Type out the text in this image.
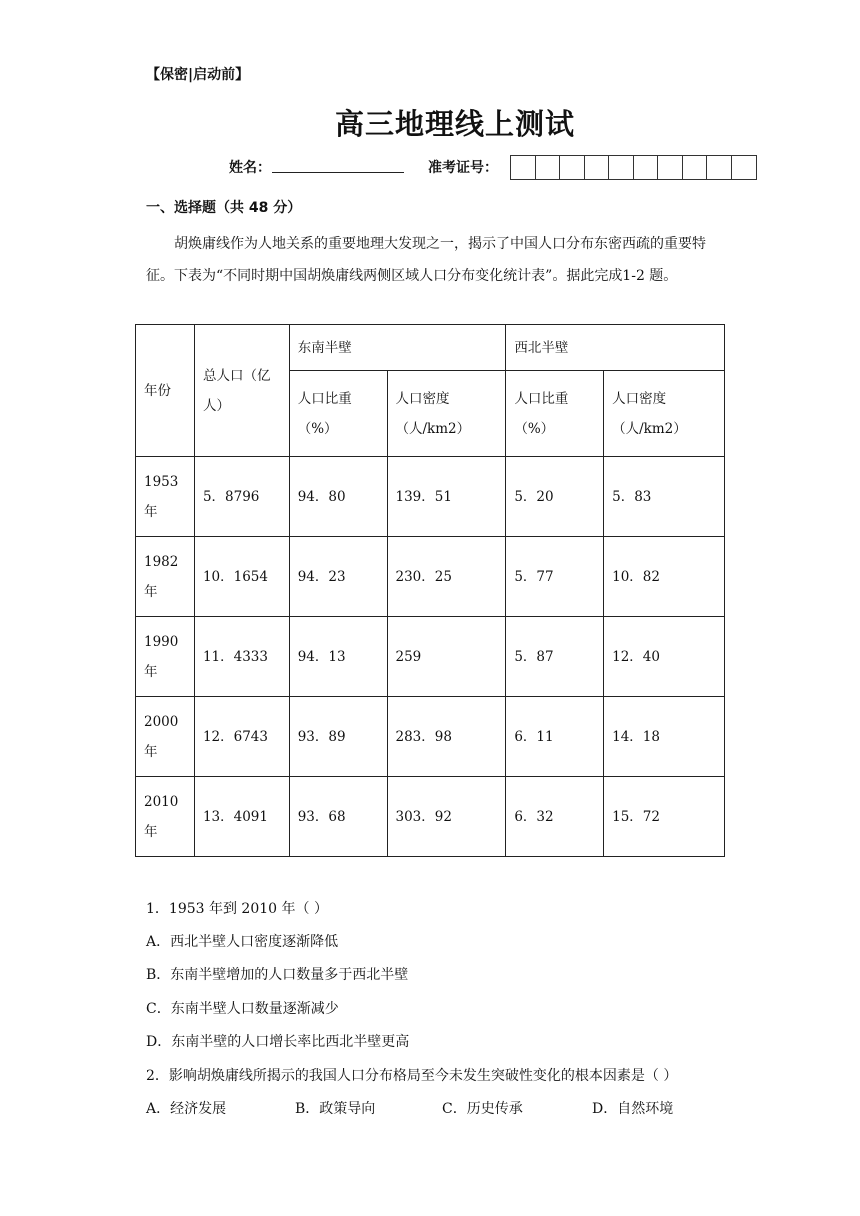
【保密|启动前】
高三地理线上测试
姓名：	准考证号：
一、选择题（共 48 分）
胡焕庸线作为人地关系的重要地理大发现之一，揭示了中国人口分布东密西疏的重要特征。下表为“不同时期中国胡焕庸线两侧区域人口分布变化统计表”。据此完成1-2 题。
年份	总人口（亿人）	东南半壁		西北半壁	
		人口比重（%）	人口密度（人/km2）	人口比重（%）	人口密度（人/km2）
1953 年	5．8796	94．80	139．51	5．20	5．83
1982 年	10．1654	94．23	230．25	5．77	10．82
1990 年	11．4333	94．13	259	5．87	12．40
2000 年	12．6743	93．89	283．98	6．11	14．18
2010 年	13．4091	93．68	303．92	6．32	15．72
1．1953 年到 2010 年（ ）
A．西北半壁人口密度逐渐降低
B．东南半壁增加的人口数量多于西北半壁
C．东南半壁人口数量逐渐减少
D．东南半壁的人口增长率比西北半壁更高
2．影响胡焕庸线所揭示的我国人口分布格局至今未发生突破性变化的根本因素是（ ）
A．经济发展	B．政策导向	C．历史传承	D．自然环境
